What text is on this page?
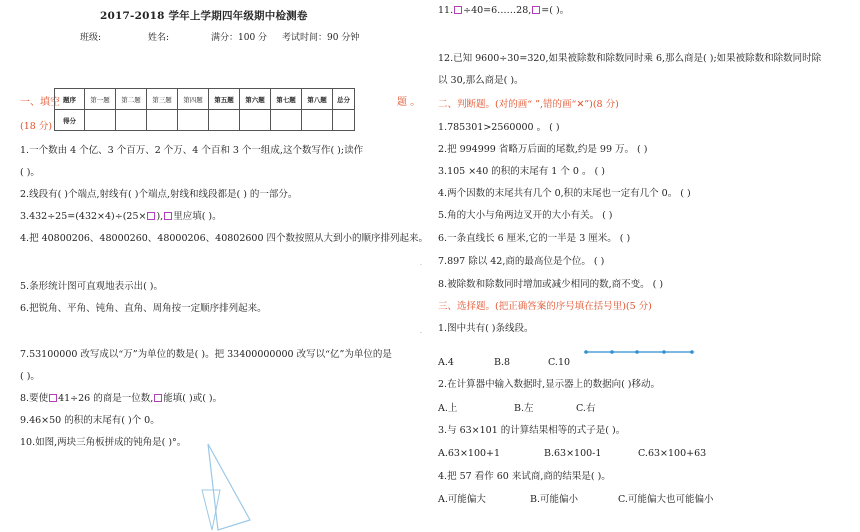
2017-2018 学年上学期四年级期中检测卷
班级:	姓名:	满分：100 分 考试时间：90 分钟
一、填空	题 。
(18 分)
1.一个数由 4 个亿、3 个百万、2 个万、4 个百和 3 个一组成,这个数写作( );读作
( )。
2.线段有( )个端点,射线有( )个端点,射线和线段都是( ) 的一部分。
3.432÷25=(432×4)÷(25× ), 里应填( )。
4.把 40800206、48000260、48000206、40802600 四个数按照从大到小的顺序排列起来。
·
5.条形统计图可直观地表示出( )。
6.把锐角、平角、钝角、直角、周角按一定顺序排列起来。
·
7.53100000 改写成以“万”为单位的数是( )。把 33400000000 改写以“亿”为单位的是
( )。
8.要使 41÷26 的商是一位数, 能填( )或( )。
9.46×50 的积的末尾有( )个 0。
10.如图,两块三角板拼成的钝角是( )°。
题序	第一题	第二题	第三题	第四题	第五题	第六题	第七题	第八题	总分
得分									
11. ÷40=6……28, =( )。
12.已知 9600÷30=320,如果被除数和除数同时乘 6,那么商是( );如果被除数和除数同时除
以 30,那么商是( )。
二、判断题。(对的画“ ”,错的画“✕”)(8 分)
1.785301>2560000 。 ( )
2.把 994999 省略万后面的尾数,约是 99 万。 ( )
3.105 ×40 的积的末尾有 1 个 0 。 ( )
4.两个因数的末尾共有几个 0,积的末尾也一定有几个 0。 ( )
5.角的大小与角两边叉开的大小有关。 ( )
6.一条直线长 6 厘米,它的一半是 3 厘米。 ( )
7.897 除以 42,商的最高位是个位。 ( )
8.被除数和除数同时增加或减少相同的数,商不变。 ( )
三、选择题。(把正确答案的序号填在括号里)(5 分)
1.图中共有( )条线段。
A.4	B.8	C.10
2.在计算器中输入数据时,显示器上的数据向( )移动。
A.上	B.左	C.右
3.与 63×101 的计算结果相等的式子是( )。
A.63×100+1	B.63×100-1	C.63×100+63
4.把 57 看作 60 来试商,商的结果是( )。
A.可能偏大	B.可能偏小	C.可能偏大也可能偏小
